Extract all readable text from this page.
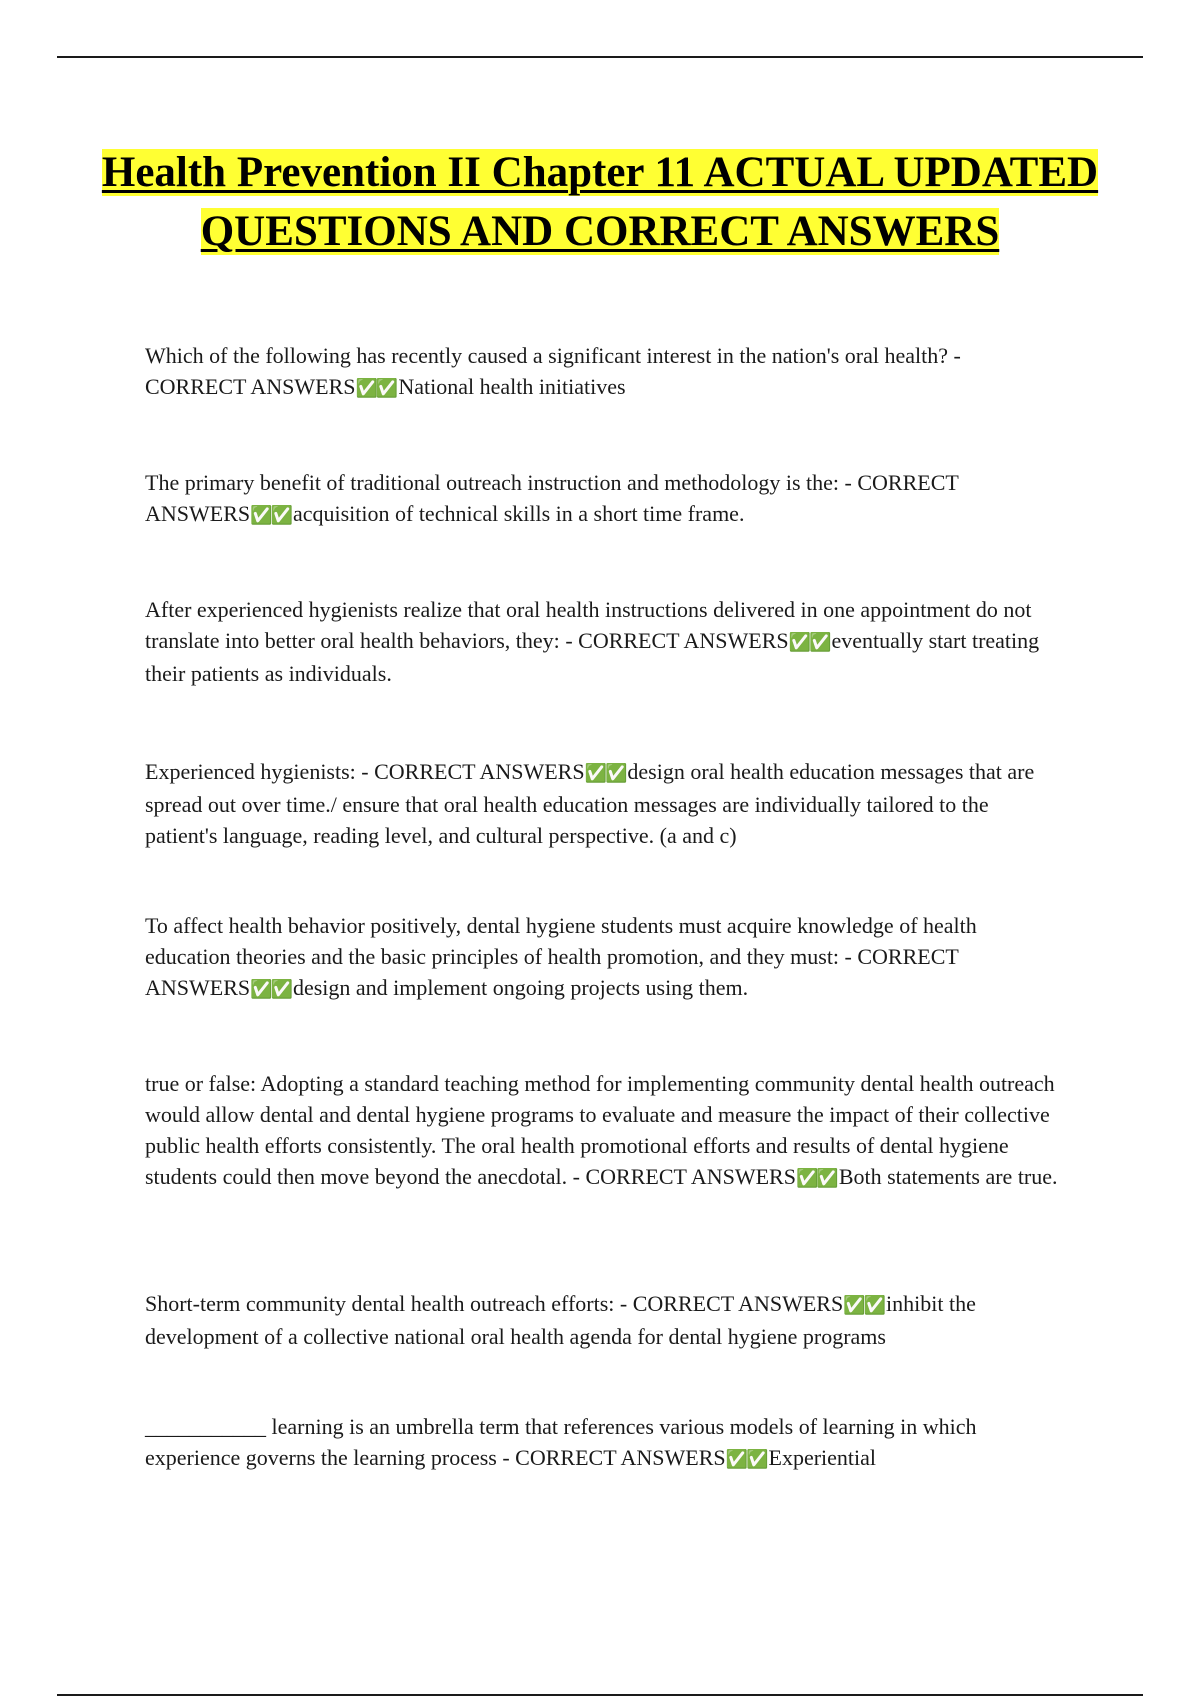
Health Prevention II Chapter 11 ACTUAL UPDATED QUESTIONS AND CORRECT ANSWERS

Which of the following has recently caused a significant interest in the nation's oral health? - CORRECT ANSWERS✅✅National health initiatives

The primary benefit of traditional outreach instruction and methodology is the: - CORRECT ANSWERS✅✅acquisition of technical skills in a short time frame.

After experienced hygienists realize that oral health instructions delivered in one appointment do not translate into better oral health behaviors, they: - CORRECT ANSWERS✅✅eventually start treating their patients as individuals.

Experienced hygienists: - CORRECT ANSWERS✅✅design oral health education messages that are spread out over time./ ensure that oral health education messages are individually tailored to the patient's language, reading level, and cultural perspective. (a and c)

To affect health behavior positively, dental hygiene students must acquire knowledge of health education theories and the basic principles of health promotion, and they must: - CORRECT ANSWERS✅✅design and implement ongoing projects using them.

true or false: Adopting a standard teaching method for implementing community dental health outreach would allow dental and dental hygiene programs to evaluate and measure the impact of their collective public health efforts consistently. The oral health promotional efforts and results of dental hygiene students could then move beyond the anecdotal. - CORRECT ANSWERS✅✅Both statements are true.

Short-term community dental health outreach efforts: - CORRECT ANSWERS✅✅inhibit the development of a collective national oral health agenda for dental hygiene programs

___________ learning is an umbrella term that references various models of learning in which experience governs the learning process - CORRECT ANSWERS✅✅Experiential
